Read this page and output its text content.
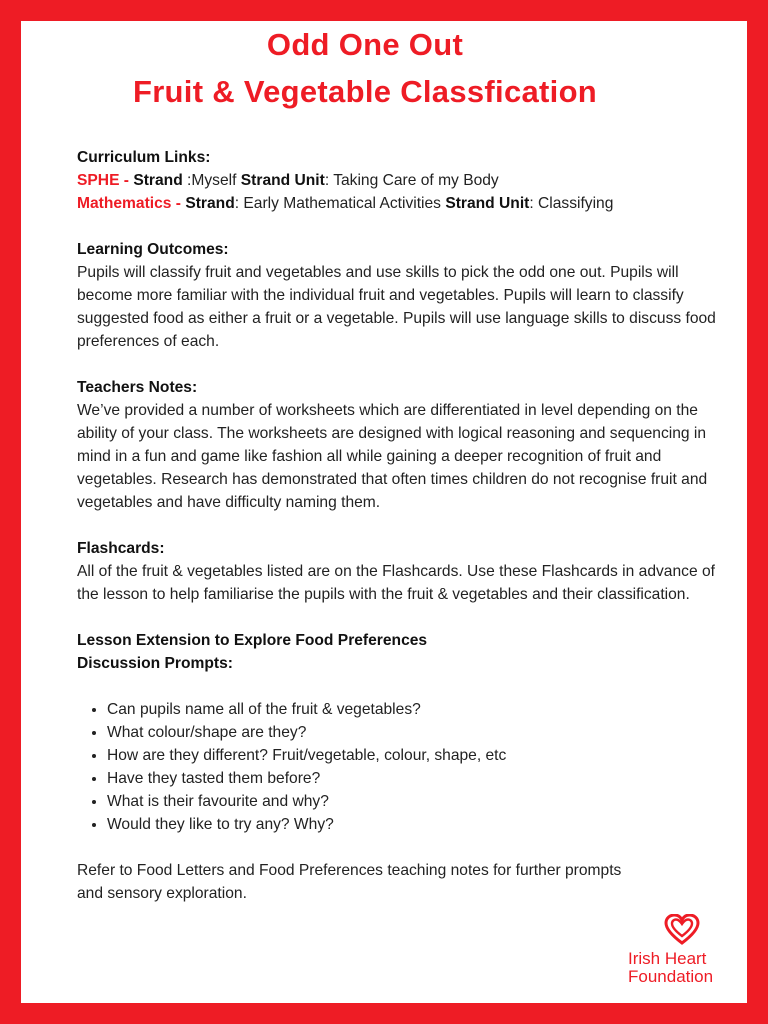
Odd One Out
Fruit & Vegetable Classfication

Curriculum Links:

SPHE - Strand :Myself Strand Unit: Taking Care of my Body

Mathematics - Strand: Early Mathematical Activities Strand Unit: Classifying

Learning Outcomes:

Pupils will classify fruit and vegetables and use skills to pick the odd one out. Pupils will become more familiar with the individual fruit and vegetables. Pupils will learn to classify suggested food as either a fruit or a vegetable. Pupils will use language skills to discuss food preferences of each.

Teachers Notes:

We’ve provided a number of worksheets which are differentiated in level depending on the ability of your class. The worksheets are designed with logical reasoning and sequencing in mind in a fun and game like fashion all while gaining a deeper recognition of fruit and vegetables. Research has demonstrated that often times children do not recognise fruit and vegetables and have difficulty naming them.

Flashcards:

All of the fruit & vegetables listed are on the Flashcards. Use these Flashcards in advance of the lesson to help familiarise the pupils with the fruit & vegetables and their classification.

Lesson Extension to Explore Food Preferences

Discussion Prompts:

• Can pupils name all of the fruit & vegetables?
• What colour/shape are they?
• How are they different? Fruit/vegetable, colour, shape, etc
• Have they tasted them before?
• What is their favourite and why?
• Would they like to try any? Why?

Refer to Food Letters and Food Preferences teaching notes for further prompts and sensory exploration.

Irish Heart
Foundation
